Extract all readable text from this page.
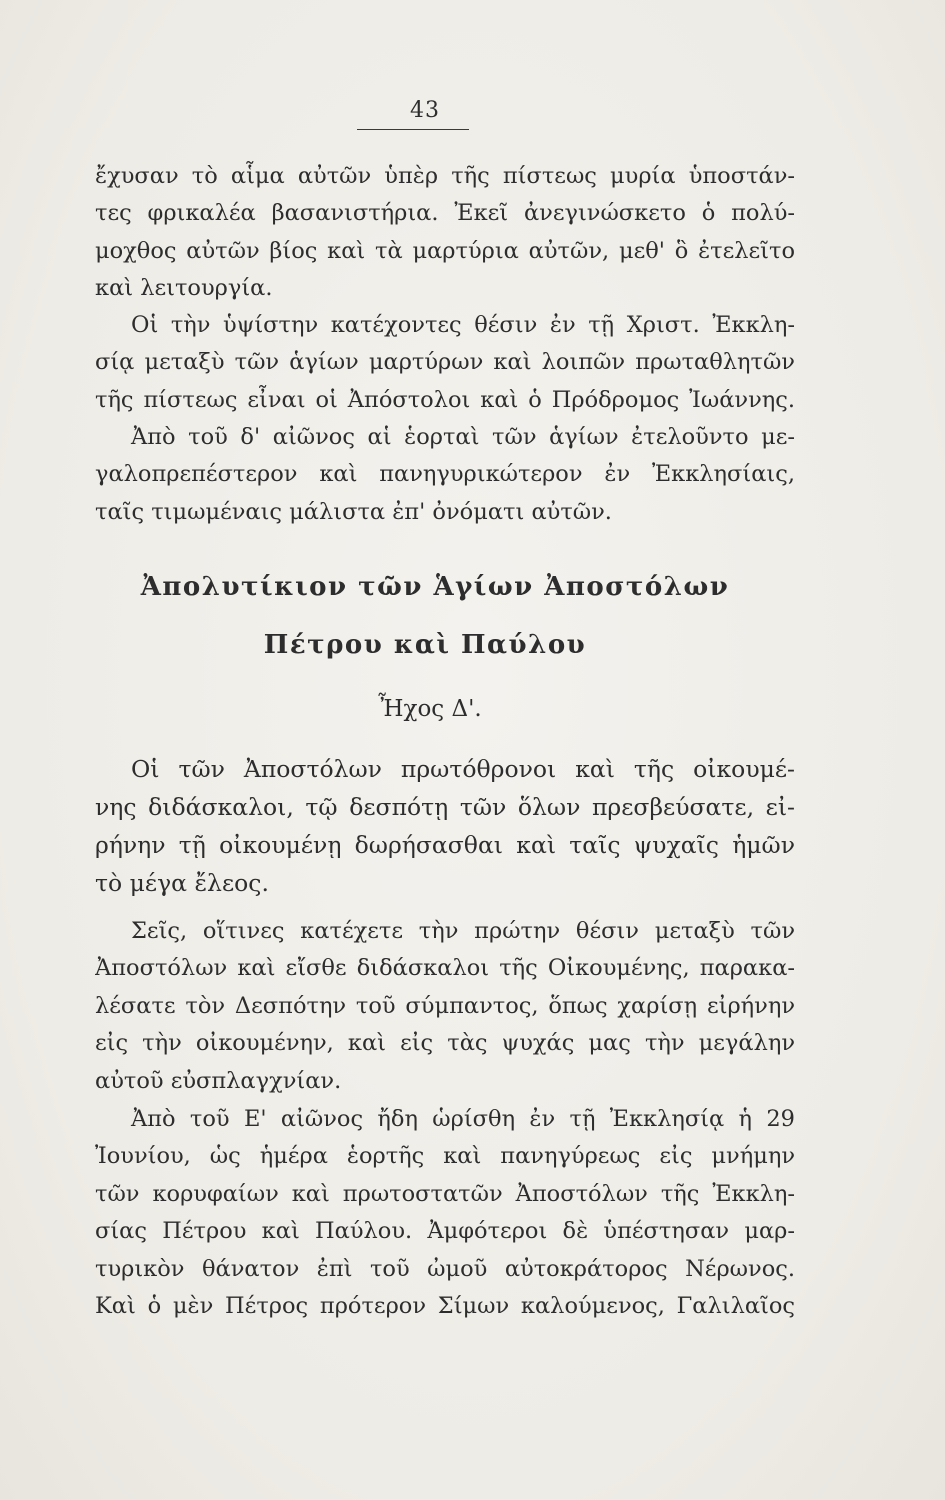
43
ἔχυσαν τὸ αἷμα αὐτῶν ὑπὲρ τῆς πίστεως μυρία ὑποστάν-
τες φρικαλέα βασανιστήρια. Ἐκεῖ ἀνεγινώσκετο ὁ πολύ-
μοχθος αὐτῶν βίος καὶ τὰ μαρτύρια αὐτῶν, μεθ' ὃ ἐτελεῖτο
καὶ λειτουργία.
Οἱ τὴν ὑψίστην κατέχοντες θέσιν ἐν τῇ Χριστ. Ἐκκλη-
σίᾳ μεταξὺ τῶν ἁγίων μαρτύρων καὶ λοιπῶν πρωταθλητῶν
τῆς πίστεως εἶναι οἱ Ἀπόστολοι καὶ ὁ Πρόδρομος Ἰωάννης.
Ἀπὸ τοῦ δ' αἰῶνος αἱ ἑορταὶ τῶν ἁγίων ἐτελοῦντο με-
γαλοπρεπέστερον καὶ πανηγυρικώτερον ἐν Ἐκκλησίαις,
ταῖς τιμωμέναις μάλιστα ἐπ' ὀνόματι αὐτῶν.
Ἀπολυτίκιον τῶν Ἁγίων Ἀποστόλων
Πέτρου καὶ Παύλου
Ἦχος Δ'.
Οἱ τῶν Ἀποστόλων πρωτόθρονοι καὶ τῆς οἰκουμέ-
νης διδάσκαλοι, τῷ δεσπότῃ τῶν ὅλων πρεσβεύσατε, εἰ-
ρήνην τῇ οἰκουμένῃ δωρήσασθαι καὶ ταῖς ψυχαῖς ἡμῶν
τὸ μέγα ἔλεος.
Σεῖς, οἵτινες κατέχετε τὴν πρώτην θέσιν μεταξὺ τῶν
Ἀποστόλων καὶ εἴσθε διδάσκαλοι τῆς Οἰκουμένης, παρακα-
λέσατε τὸν Δεσπότην τοῦ σύμπαντος, ὅπως χαρίσῃ εἰρήνην
εἰς τὴν οἰκουμένην, καὶ εἰς τὰς ψυχάς μας τὴν μεγάλην
αὐτοῦ εὐσπλαγχνίαν.
Ἀπὸ τοῦ Ε' αἰῶνος ἤδη ὡρίσθη ἐν τῇ Ἐκκλησίᾳ ἡ 29
Ἰουνίου, ὡς ἡμέρα ἑορτῆς καὶ πανηγύρεως εἰς μνήμην
τῶν κορυφαίων καὶ πρωτοστατῶν Ἀποστόλων τῆς Ἐκκλη-
σίας Πέτρου καὶ Παύλου. Ἀμφότεροι δὲ ὑπέστησαν μαρ-
τυρικὸν θάνατον ἐπὶ τοῦ ὠμοῦ αὐτοκράτορος Νέρωνος.
Καὶ ὁ μὲν Πέτρος πρότερον Σίμων καλούμενος, Γαλιλαῖος
